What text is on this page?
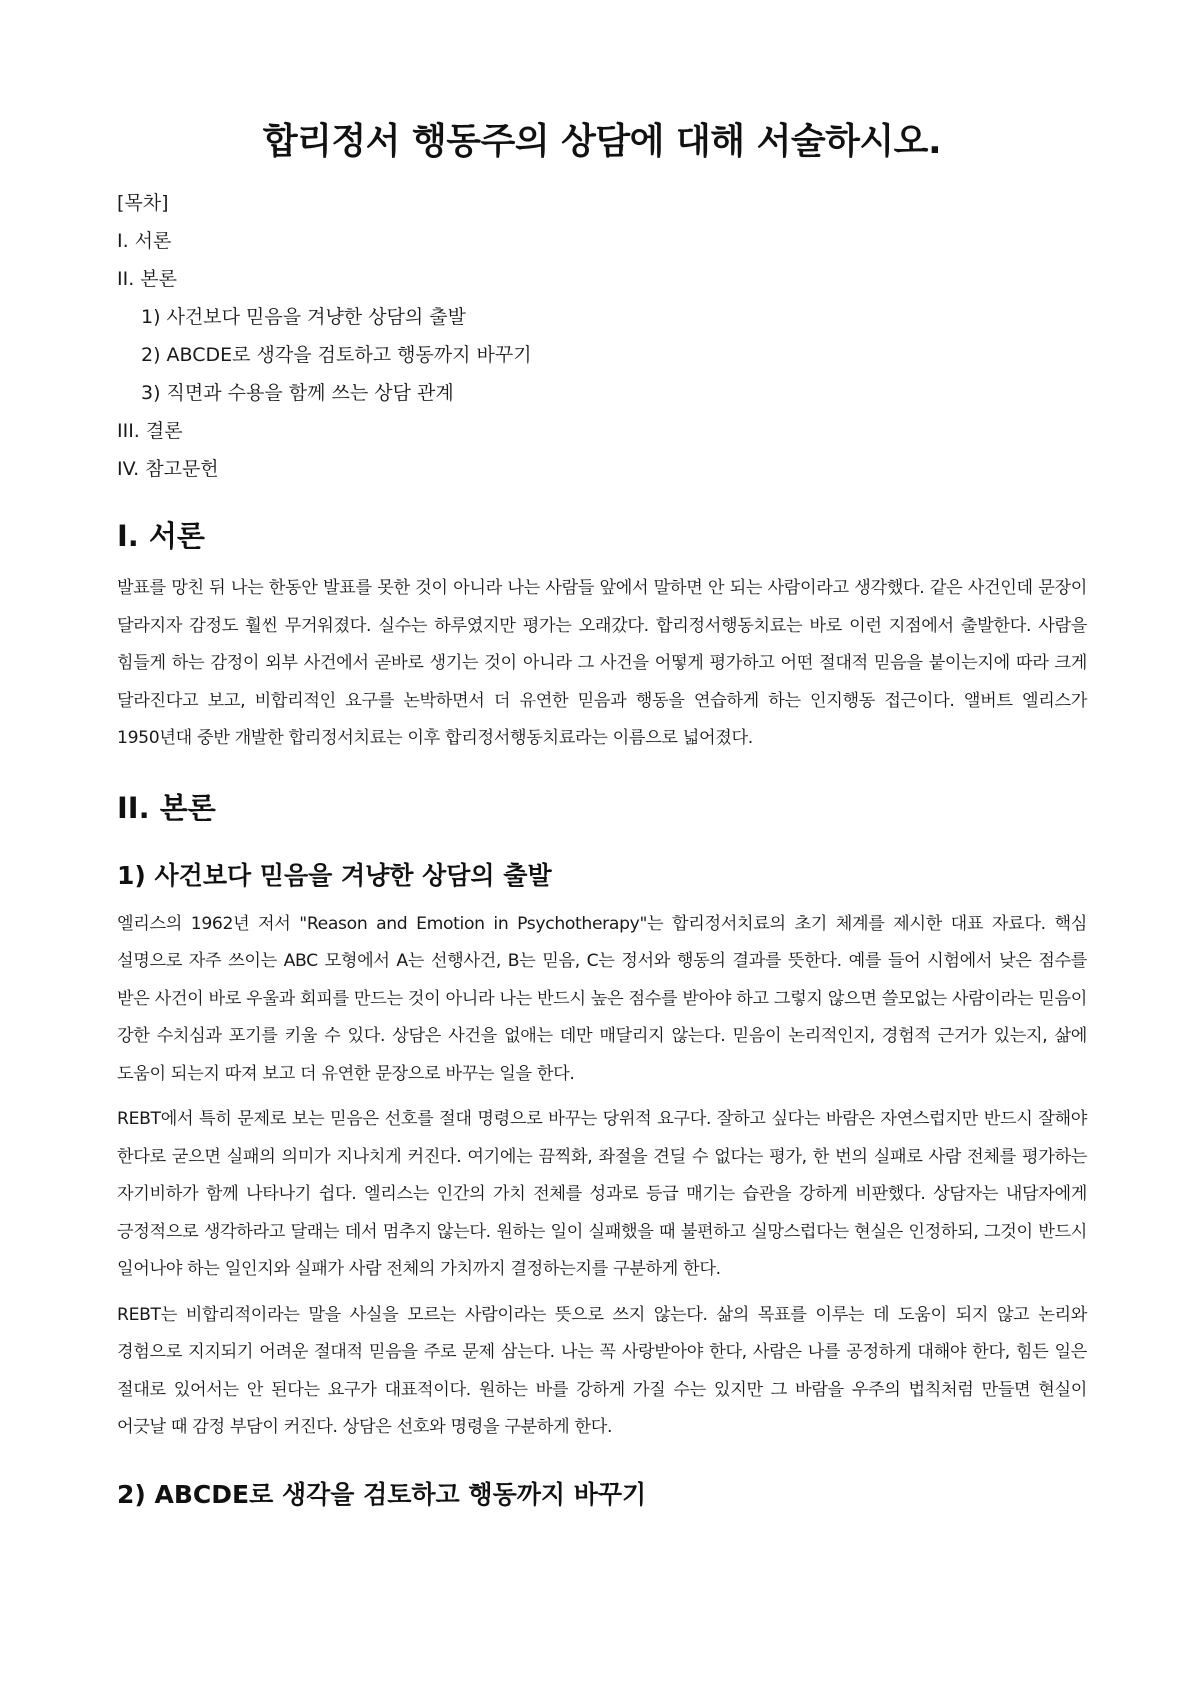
합리정서 행동주의 상담에 대해 서술하시오.
[목차]
I. 서론
II. 본론
1) 사건보다 믿음을 겨냥한 상담의 출발
2) ABCDE로 생각을 검토하고 행동까지 바꾸기
3) 직면과 수용을 함께 쓰는 상담 관계
III. 결론
IV. 참고문헌
I. 서론

발표를 망친 뒤 나는 한동안 발표를 못한 것이 아니라 나는 사람들 앞에서 말하면 안 되는 사람이라고 생각했다. 같은 사건인데 문장이 달라지자 감정도 훨씬 무거워졌다. 실수는 하루였지만 평가는 오래갔다. 합리정서행동치료는 바로 이런 지점에서 출발한다. 사람을 힘들게 하는 감정이 외부 사건에서 곧바로 생기는 것이 아니라 그 사건을 어떻게 평가하고 어떤 절대적 믿음을 붙이는지에 따라 크게 달라진다고 보고, 비합리적인 요구를 논박하면서 더 유연한 믿음과 행동을 연습하게 하는 인지행동 접근이다. 앨버트 엘리스가 1950년대 중반 개발한 합리정서치료는 이후 합리정서행동치료라는 이름으로 넓어졌다.

II. 본론
1) 사건보다 믿음을 겨냥한 상담의 출발

엘리스의 1962년 저서 "Reason and Emotion in Psychotherapy"는 합리정서치료의 초기 체계를 제시한 대표 자료다. 핵심 설명으로 자주 쓰이는 ABC 모형에서 A는 선행사건, B는 믿음, C는 정서와 행동의 결과를 뜻한다. 예를 들어 시험에서 낮은 점수를 받은 사건이 바로 우울과 회피를 만드는 것이 아니라 나는 반드시 높은 점수를 받아야 하고 그렇지 않으면 쓸모없는 사람이라는 믿음이 강한 수치심과 포기를 키울 수 있다. 상담은 사건을 없애는 데만 매달리지 않는다. 믿음이 논리적인지, 경험적 근거가 있는지, 삶에 도움이 되는지 따져 보고 더 유연한 문장으로 바꾸는 일을 한다.

REBT에서 특히 문제로 보는 믿음은 선호를 절대 명령으로 바꾸는 당위적 요구다. 잘하고 싶다는 바람은 자연스럽지만 반드시 잘해야 한다로 굳으면 실패의 의미가 지나치게 커진다. 여기에는 끔찍화, 좌절을 견딜 수 없다는 평가, 한 번의 실패로 사람 전체를 평가하는 자기비하가 함께 나타나기 쉽다. 엘리스는 인간의 가치 전체를 성과로 등급 매기는 습관을 강하게 비판했다. 상담자는 내담자에게 긍정적으로 생각하라고 달래는 데서 멈추지 않는다. 원하는 일이 실패했을 때 불편하고 실망스럽다는 현실은 인정하되, 그것이 반드시 일어나야 하는 일인지와 실패가 사람 전체의 가치까지 결정하는지를 구분하게 한다.

REBT는 비합리적이라는 말을 사실을 모르는 사람이라는 뜻으로 쓰지 않는다. 삶의 목표를 이루는 데 도움이 되지 않고 논리와 경험으로 지지되기 어려운 절대적 믿음을 주로 문제 삼는다. 나는 꼭 사랑받아야 한다, 사람은 나를 공정하게 대해야 한다, 힘든 일은 절대로 있어서는 안 된다는 요구가 대표적이다. 원하는 바를 강하게 가질 수는 있지만 그 바람을 우주의 법칙처럼 만들면 현실이 어긋날 때 감정 부담이 커진다. 상담은 선호와 명령을 구분하게 한다.

2) ABCDE로 생각을 검토하고 행동까지 바꾸기
